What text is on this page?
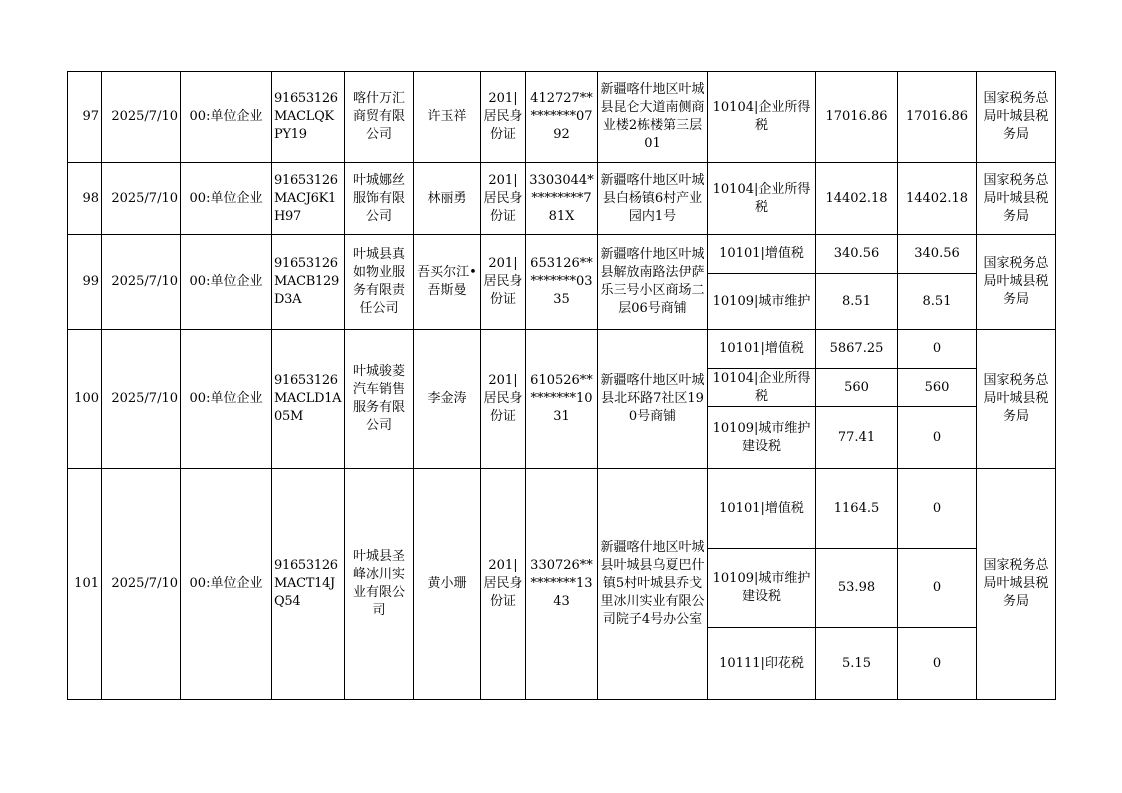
97	2025/7/10	00:单位企业	91653126MACLQKPY19	喀什万汇商贸有限公司	许玉祥	201|居民身份证	412727*********0792	新疆喀什地区叶城县昆仑大道南侧商业楼2栋楼第三层01	10104|企业所得税	17016.86	17016.86	国家税务总局叶城县税务局
98	2025/7/10	00:单位企业	91653126MACJ6K1H97	叶城娜丝服饰有限公司	林丽勇	201|居民身份证	3303044*********781X	新疆喀什地区叶城县白杨镇6村产业园内1号	10104|企业所得税	14402.18	14402.18	国家税务总局叶城县税务局
99	2025/7/10	00:单位企业	91653126MACB129D3A	叶城县真如物业服务有限责任公司	吾买尔江•吾斯曼	201|居民身份证	653126*********0335	新疆喀什地区叶城县解放南路法伊萨乐三号小区商场二层06号商铺	10101|增值税	340.56	340.56	国家税务总局叶城县税务局
									10109|城市维护	8.51	8.51	
100	2025/7/10	00:单位企业	91653126MACLD1A05M	叶城骏菱汽车销售服务有限公司	李金涛	201|居民身份证	610526*********1031	新疆喀什地区叶城县北环路7社区190号商铺	10101|增值税	5867.25	0	国家税务总局叶城县税务局
									10104|企业所得税	560	560	
									10109|城市维护建设税	77.41	0	
101	2025/7/10	00:单位企业	91653126MACT14JQ54	叶城县圣峰冰川实业有限公司	黄小珊	201|居民身份证	330726*********1343	新疆喀什地区叶城县叶城县乌夏巴什镇5村叶城县乔戈里冰川实业有限公司院子4号办公室	10101|增值税	1164.5	0	国家税务总局叶城县税务局
									10109|城市维护建设税	53.98	0	
									10111|印花税	5.15	0	
